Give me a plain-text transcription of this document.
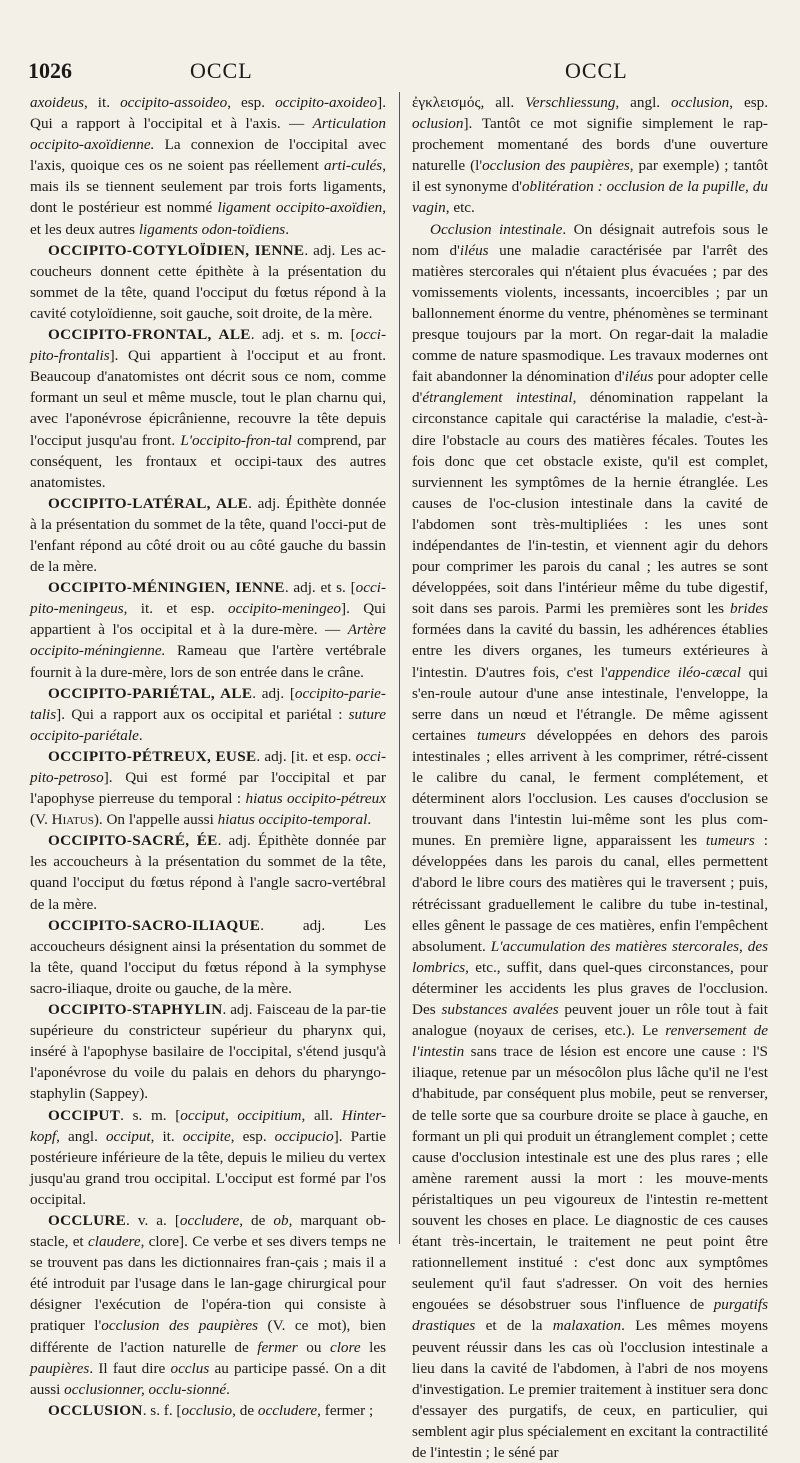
1026	OCCL	OCCL

axoideus, it. occipito-assoideo, esp. occipito-axoideo]. Qui a rapport à l'occipital et à l'axis. — Articulation occipito-axoïdienne. La connexion de l'occipital avec l'axis, quoique ces os ne soient pas réellement arti-culés, mais ils se tiennent seulement par trois forts ligaments, dont le postérieur est nommé ligament occipito-axoïdien, et les deux autres ligaments odon-toïdiens.

OCCIPITO-COTYLOÏDIEN, IENNE. adj. Les ac-coucheurs donnent cette épithète à la présentation du sommet de la tête, quand l'occiput du fœtus répond à la cavité cotyloïdienne, soit gauche, soit droite, de la mère.

OCCIPITO-FRONTAL, ALE. adj. et s. m. [occi-pito-frontalis]. Qui appartient à l'occiput et au front. Beaucoup d'anatomistes ont décrit sous ce nom, comme formant un seul et même muscle, tout le plan charnu qui, avec l'aponévrose épicrânienne, recouvre la tête depuis l'occiput jusqu'au front. L'occipito-fron-tal comprend, par conséquent, les frontaux et occipi-taux des autres anatomistes.

OCCIPITO-LATÉRAL, ALE. adj. Épithète donnée à la présentation du sommet de la tête, quand l'occi-put de l'enfant répond au côté droit ou au côté gauche du bassin de la mère.

OCCIPITO-MÉNINGIEN, IENNE. adj. et s. [occi-pito-meningeus, it. et esp. occipito-meningeo]. Qui appartient à l'os occipital et à la dure-mère. — Artère occipito-méningienne. Rameau que l'artère vertébrale fournit à la dure-mère, lors de son entrée dans le crâne.

OCCIPITO-PARIÉTAL, ALE. adj. [occipito-parie-talis]. Qui a rapport aux os occipital et pariétal : suture occipito-pariétale.

OCCIPITO-PÉTREUX, EUSE. adj. [it. et esp. occi-pito-petroso]. Qui est formé par l'occipital et par l'apophyse pierreuse du temporal : hiatus occipito-pétreux (V. Hiatus). On l'appelle aussi hiatus occipito-temporal.

OCCIPITO-SACRÉ, ÉE. adj. Épithète donnée par les accoucheurs à la présentation du sommet de la tête, quand l'occiput du fœtus répond à l'angle sacro-vertébral de la mère.

OCCIPITO-SACRO-ILIAQUE. adj. Les accoucheurs désignent ainsi la présentation du sommet de la tête, quand l'occiput du fœtus répond à la symphyse sacro-iliaque, droite ou gauche, de la mère.

OCCIPITO-STAPHYLIN. adj. Faisceau de la par-tie supérieure du constricteur supérieur du pharynx qui, inséré à l'apophyse basilaire de l'occipital, s'étend jusqu'à l'aponévrose du voile du palais en dehors du pharyngo-staphylin (Sappey).

OCCIPUT. s. m. [occiput, occipitium, all. Hinter-kopf, angl. occiput, it. occipite, esp. occipucio]. Partie postérieure inférieure de la tête, depuis le milieu du vertex jusqu'au grand trou occipital. L'occiput est formé par l'os occipital.

OCCLURE. v. a. [occludere, de ob, marquant ob-stacle, et claudere, clore]. Ce verbe et ses divers temps ne se trouvent pas dans les dictionnaires fran-çais ; mais il a été introduit par l'usage dans le lan-gage chirurgical pour désigner l'exécution de l'opéra-tion qui consiste à pratiquer l'occlusion des paupières (V. ce mot), bien différente de l'action naturelle de fermer ou clore les paupières. Il faut dire occlus au participe passé. On a dit aussi occlusionner, occlu-sionné.

OCCLUSION. s. f. [occlusio, de occludere, fermer ;

ἐγκλεισμός, all. Verschliessung, angl. occlusion, esp. oclusion]. Tantôt ce mot signifie simplement le rap-prochement momentané des bords d'une ouverture naturelle (l'occlusion des paupières, par exemple) ; tantôt il est synonyme d'oblitération : occlusion de la pupille, du vagin, etc.

Occlusion intestinale. On désignait autrefois sous le nom d'iléus une maladie caractérisée par l'arrêt des matières stercorales qui n'étaient plus évacuées ; par des vomissements violents, incessants, incoercibles ; par un ballonnement énorme du ventre, phénomènes se terminant presque toujours par la mort. On regar-dait la maladie comme de nature spasmodique. Les travaux modernes ont fait abandonner la dénomination d'iléus pour adopter celle d'étranglement intestinal, dénomination rappelant la circonstance capitale qui caractérise la maladie, c'est-à-dire l'obstacle au cours des matières fécales. Toutes les fois donc que cet obstacle existe, qu'il est complet, surviennent les symptômes de la hernie étranglée. Les causes de l'oc-clusion intestinale dans la cavité de l'abdomen sont très-multipliées : les unes sont indépendantes de l'in-testin, et viennent agir du dehors pour comprimer les parois du canal ; les autres se sont développées, soit dans l'intérieur même du tube digestif, soit dans ses parois. Parmi les premières sont les brides formées dans la cavité du bassin, les adhérences établies entre les divers organes, les tumeurs extérieures à l'intestin. D'autres fois, c'est l'appendice iléo-cæcal qui s'en-roule autour d'une anse intestinale, l'enveloppe, la serre dans un nœud et l'étrangle. De même agissent certaines tumeurs développées en dehors des parois intestinales ; elles arrivent à les comprimer, rétré-cissent le calibre du canal, le ferment complétement, et déterminent alors l'occlusion. Les causes d'occlusion se trouvant dans l'intestin lui-même sont les plus com-munes. En première ligne, apparaissent les tumeurs : développées dans les parois du canal, elles permettent d'abord le libre cours des matières qui le traversent ; puis, rétrécissant graduellement le calibre du tube in-testinal, elles gênent le passage de ces matières, enfin l'empêchent absolument. L'accumulation des matières stercorales, des lombrics, etc., suffit, dans quel-ques circonstances, pour déterminer les accidents les plus graves de l'occlusion. Des substances avalées peuvent jouer un rôle tout à fait analogue (noyaux de cerises, etc.). Le renversement de l'intestin sans trace de lésion est encore une cause : l'S iliaque, retenue par un mésocôlon plus lâche qu'il ne l'est d'habitude, par conséquent plus mobile, peut se renverser, de telle sorte que sa courbure droite se place à gauche, en formant un pli qui produit un étranglement complet ; cette cause d'occlusion intestinale est une des plus rares ; elle amène rarement aussi la mort : les mouve-ments péristaltiques un peu vigoureux de l'intestin re-mettent souvent les choses en place. Le diagnostic de ces causes étant très-incertain, le traitement ne peut point être rationnellement institué : c'est donc aux symptômes seulement qu'il faut s'adresser. On voit des hernies engouées se désobstruer sous l'influence de purgatifs drastiques et de la malaxation. Les mêmes moyens peuvent réussir dans les cas où l'occlusion intestinale a lieu dans la cavité de l'abdomen, à l'abri de nos moyens d'investigation. Le premier traitement à instituer sera donc d'essayer des purgatifs, de ceux, en particulier, qui semblent agir plus spécialement en excitant la contractilité de l'intestin ; le séné par
